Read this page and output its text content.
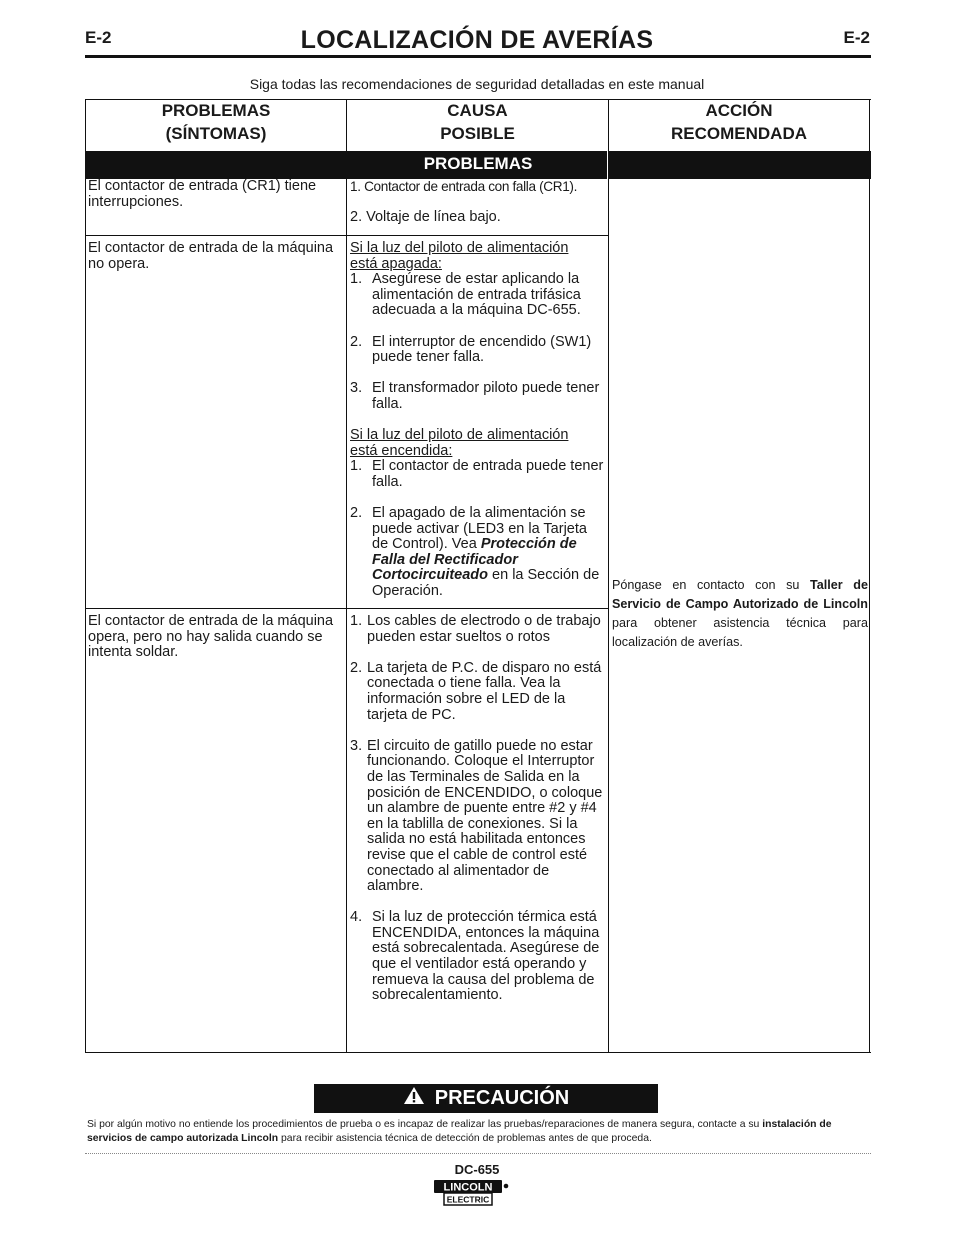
E-2	LOCALIZACIÓN DE AVERÍAS	E-2
Siga todas las recomendaciones de seguridad detalladas en este manual
PROBLEMAS
(SÍNTOMAS)
CAUSA
POSIBLE
ACCIÓN
RECOMENDADA
PROBLEMAS
El contactor de entrada (CR1) tiene interrupciones.
1. Contactor de entrada con falla (CR1).
2. Voltaje de línea bajo.
El contactor de entrada de la máquina no opera.
Si la luz del piloto de alimentación está apagada:
1. Asegúrese de estar aplicando la alimentación de entrada trifásica adecuada a la máquina DC-655.
2. El interruptor de encendido (SW1) puede tener falla.
3. El transformador piloto puede tener falla.
Si la luz del piloto de alimentación está encendida:
1. El contactor de entrada puede tener falla.
2. El apagado de la alimentación se puede activar (LED3 en la Tarjeta de Control). Vea Protección de Falla del Rectificador Cortocircuiteado en la Sección de Operación.
El contactor de entrada de la máquina opera, pero no hay salida cuando se intenta soldar.
1. Los cables de electrodo o de trabajo pueden estar sueltos o rotos
2. La tarjeta de P.C. de disparo no está conectada o tiene falla. Vea la información sobre el LED de la tarjeta de PC.
3. El circuito de gatillo puede no estar funcionando. Coloque el Interruptor de las Terminales de Salida en la posición de ENCENDIDO, o coloque un alambre de puente entre #2 y #4 en la tablilla de conexiones. Si la salida no está habilitada entonces revise que el cable de control esté conectado al alimentador de alambre.
4. Si la luz de protección térmica está ENCENDIDA, entonces la máquina está sobrecalentada. Asegúrese de que el ventilador está operando y remueva la causa del problema de sobrecalentamiento.
Póngase en contacto con su Taller de Servicio de Campo Autorizado de Lincoln para obtener asistencia técnica para localización de averías.
PRECAUCIÓN
Si por algún motivo no entiende los procedimientos de prueba o es incapaz de realizar las pruebas/reparaciones de manera segura, contacte a su instalación de servicios de campo autorizada Lincoln para recibir asistencia técnica de detección de problemas antes de que proceda.
DC-655
LINCOLN
ELECTRIC
